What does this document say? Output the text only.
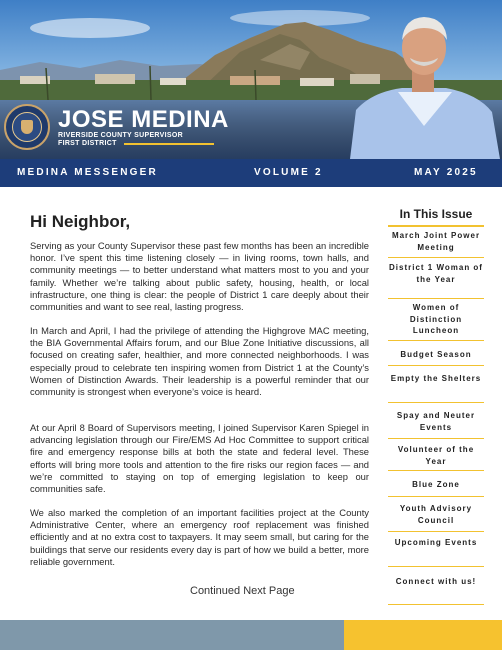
JOSE MEDINA
RIVERSIDE COUNTY SUPERVISOR
FIRST DISTRICT
MEDINA MESSENGER	VOLUME 2	MAY 2025
Hi Neighbor,

Serving as your County Supervisor these past few months has been an incredible honor. I’ve spent this time listening closely — in living rooms, town halls, and community meetings — to better understand what matters most to you and your family. Whether we’re talking about public safety, housing, health, or local infrastructure, one thing is clear: the people of District 1 care deeply about their communities and want to see real, lasting progress.

In March and April, I had the privilege of attending the Highgrove MAC meeting, the BIA Governmental Affairs forum, and our Blue Zone Initiative discussions, all focused on creating safer, healthier, and more connected neighborhoods. I was especially proud to celebrate ten inspiring women from District 1 at the County’s Women of Distinction Awards. Their leadership is a powerful reminder that our community is strongest when everyone’s voice is heard.

At our April 8 Board of Supervisors meeting, I joined Supervisor Karen Spiegel in advancing legislation through our Fire/EMS Ad Hoc Committee to support critical fire and emergency response bills at both the state and federal level. These efforts will bring more tools and attention to the fire risks our region faces — and we’re committed to staying on top of emerging legislation to keep our communities safe.

We also marked the completion of an important facilities project at the County Administrative Center, where an emergency roof replacement was finished efficiently and at no extra cost to taxpayers. It may seem small, but caring for the buildings that serve our residents every day is part of how we build a better, more reliable government.

Continued Next Page
In This Issue
March Joint Power Meeting
District 1 Woman of the Year
Women of Distinction Luncheon
Budget Season
Empty the Shelters
Spay and Neuter Events
Volunteer of the Year
Blue Zone
Youth Advisory Council
Upcoming Events
Connect with us!
